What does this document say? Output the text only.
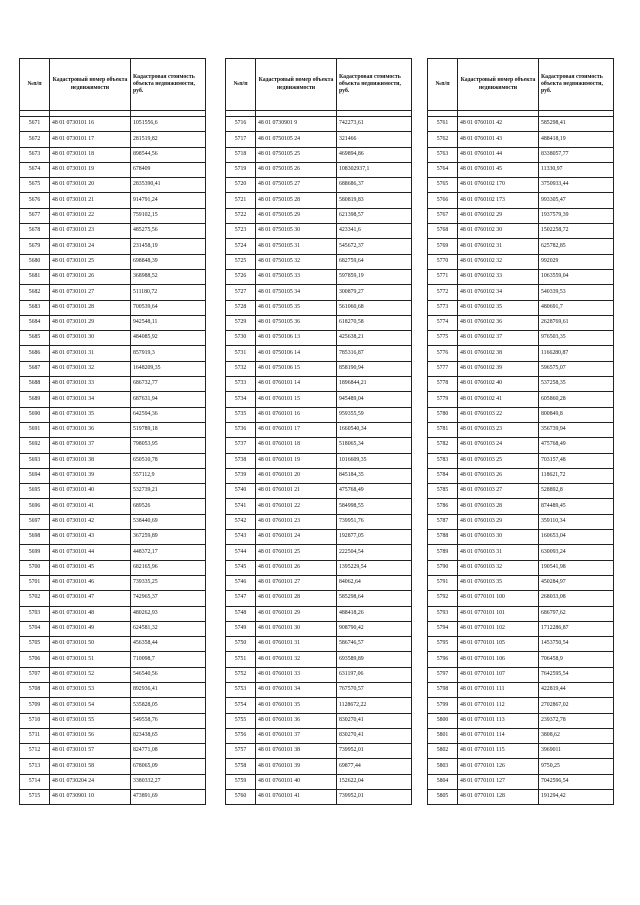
№п/п	Кадастровый номер объекта недвижимости	Кадастровая стоимость объекта недвижимости, руб.

5671	48 01 0730101 16	1051556,6
5672	48 01 0730101 17	281519,82
5673	48 01 0730101 18	898544,56
5674	48 01 0730101 19	678409
5675	48 01 0730101 20	2835390,41
5676	48 01 0730101 21	914791,24
5677	48 01 0730101 22	759102,15
5678	48 01 0730101 23	485275,56
5679	48 01 0730101 24	231458,19
5680	48 01 0730101 25	698848,39
5681	48 01 0730101 26	368988,52
5682	48 01 0730101 27	511180,72
5683	48 01 0730101 28	700539,64
5684	48 01 0730101 29	942548,11
5685	48 01 0730101 30	484085,92
5686	48 01 0730101 31	857919,3
5687	48 01 0730101 32	1648209,35
5688	48 01 0730101 33	686732,77
5689	48 01 0730101 34	687631,94
5690	48 01 0730101 35	642594,36
5691	48 01 0730101 36	519789,18
5692	48 01 0730101 37	798053,95
5693	48 01 0730101 38	650510,78
5694	48 01 0730101 39	557112,9
5695	48 01 0730101 40	532739,21
5696	48 01 0730101 41	689526
5697	48 01 0730101 42	538440,69
5698	48 01 0730101 43	367259,89
5699	48 01 0730101 44	448372,17
5700	48 01 0730101 45	682165,96
5701	48 01 0730101 46	739335,25
5702	48 01 0730101 47	742965,37
5703	48 01 0730101 48	480262,93
5704	48 01 0730101 49	624581,32
5705	48 01 0730101 50	456358,44
5706	48 01 0730101 51	710098,7
5707	48 01 0730101 52	546540,56
5708	48 01 0730101 53	892936,41
5709	48 01 0730101 54	535828,05
5710	48 01 0730101 55	549558,76
5711	48 01 0730101 56	823438,65
5712	48 01 0730101 57	824771,08
5713	48 01 0730101 58	678065,09
5714	48 01 0730204 24	3380332,27
5715	48 01 0730901 10	473891,69
№п/п	Кадастровый номер объекта недвижимости	Кадастровая стоимость объекта недвижимости, руб.

5716	48 01 0730901 9	742273,61
5717	48 01 0750105 24	321466
5718	48 01 0750105 25	469894,86
5719	48 01 0750105 26	108302937,1
5720	48 01 0750105 27	688686,37
5721	48 01 0750105 28	580819,83
5722	48 01 0750105 29	621398,57
5723	48 01 0750105 30	423341,6
5724	48 01 0750105 31	545672,37
5725	48 01 0750105 32	682759,64
5726	48 01 0750105 33	597859,19
5727	48 01 0750105 34	300879,27
5728	48 01 0750105 35	561060,68
5729	48 01 0750105 36	618270,58
5730	48 01 0750106 13	425638,21
5731	48 01 0750106 14	785316,87
5732	48 01 0750106 15	858190,94
5733	48 01 0760101 14	1896844,21
5734	48 01 0760101 15	945489,04
5735	48 01 0760101 16	959355,59
5736	48 01 0760101 17	1660540,34
5737	48 01 0760101 18	518065,34
5738	48 01 0760101 19	1016609,35
5739	48 01 0760101 20	845184,35
5740	48 01 0760101 21	475768,49
5741	48 01 0760101 22	584998,55
5742	48 01 0760101 23	739951,76
5743	48 01 0760101 24	192877,05
5744	48 01 0760101 25	222504,54
5745	48 01 0760101 26	1395229,54
5746	48 01 0760101 27	84062,64
5747	48 01 0760101 28	585298,64
5748	48 01 0760101 29	488418,26
5749	48 01 0760101 30	908790,42
5750	48 01 0760101 31	586746,57
5751	48 01 0760101 32	693589,89
5752	48 01 0760101 33	631197,06
5753	48 01 0760101 34	767570,57
5754	48 01 0760101 35	1128672,22
5755	48 01 0760101 36	830270,41
5756	48 01 0760101 37	830270,41
5757	48 01 0760101 38	739952,01
5758	48 01 0760101 39	69877,44
5759	48 01 0760101 40	152622,04
5760	48 01 0760101 41	739952,01
№п/п	Кадастровый номер объекта недвижимости	Кадастровая стоимость объекта недвижимости, руб.

5761	48 01 0760101 42	585298,41
5762	48 01 0760101 43	488418,19
5763	48 01 0760101 44	8338057,77
5764	48 01 0760101 45	11330,97
5765	48 01 0760102 170	3750933,44
5766	48 01 0760102 173	993305,47
5767	48 01 0760102 29	1937579,39
5768	48 01 0760102 30	1502258,72
5769	48 01 0760102 31	625782,85
5770	48 01 0760102 32	992029
5771	48 01 0760102 33	1063559,04
5772	48 01 0760102 34	540339,53
5773	48 01 0760102 35	480691,7
5774	48 01 0760102 36	2628769,61
5775	48 01 0760102 37	976503,35
5776	48 01 0760102 38	1166280,87
5777	48 01 0760102 39	596575,07
5778	48 01 0760102 40	537258,35
5779	48 01 0760102 41	605860,28
5780	48 01 0760103 22	800849,8
5781	48 01 0760103 23	356739,94
5782	48 01 0760103 24	475768,49
5783	48 01 0760103 25	703157,48
5784	48 01 0760103 26	118621,72
5785	48 01 0760103 27	528892,8
5786	48 01 0760103 28	874489,45
5787	48 01 0760103 29	359110,34
5788	48 01 0760103 30	160653,04
5789	48 01 0760103 31	630093,24
5790	48 01 0760103 32	190541,98
5791	48 01 0760103 35	450284,97
5792	48 01 0770101 100	268033,08
5793	48 01 0770101 101	686797,62
5794	48 01 0770101 102	1712286,87
5795	48 01 0770101 105	1453750,54
5796	48 01 0770101 106	706458,9
5797	48 01 0770101 107	7642595,54
5798	48 01 0770101 111	422819,44
5799	48 01 0770101 112	2702867,02
5800	48 01 0770101 113	239372,78
5801	48 01 0770101 114	3808,62
5802	48 01 0770101 115	3969011
5803	48 01 0770101 126	9750,25
5804	48 01 0770101 127	7042596,54
5805	48 01 0770101 128	191294,42
